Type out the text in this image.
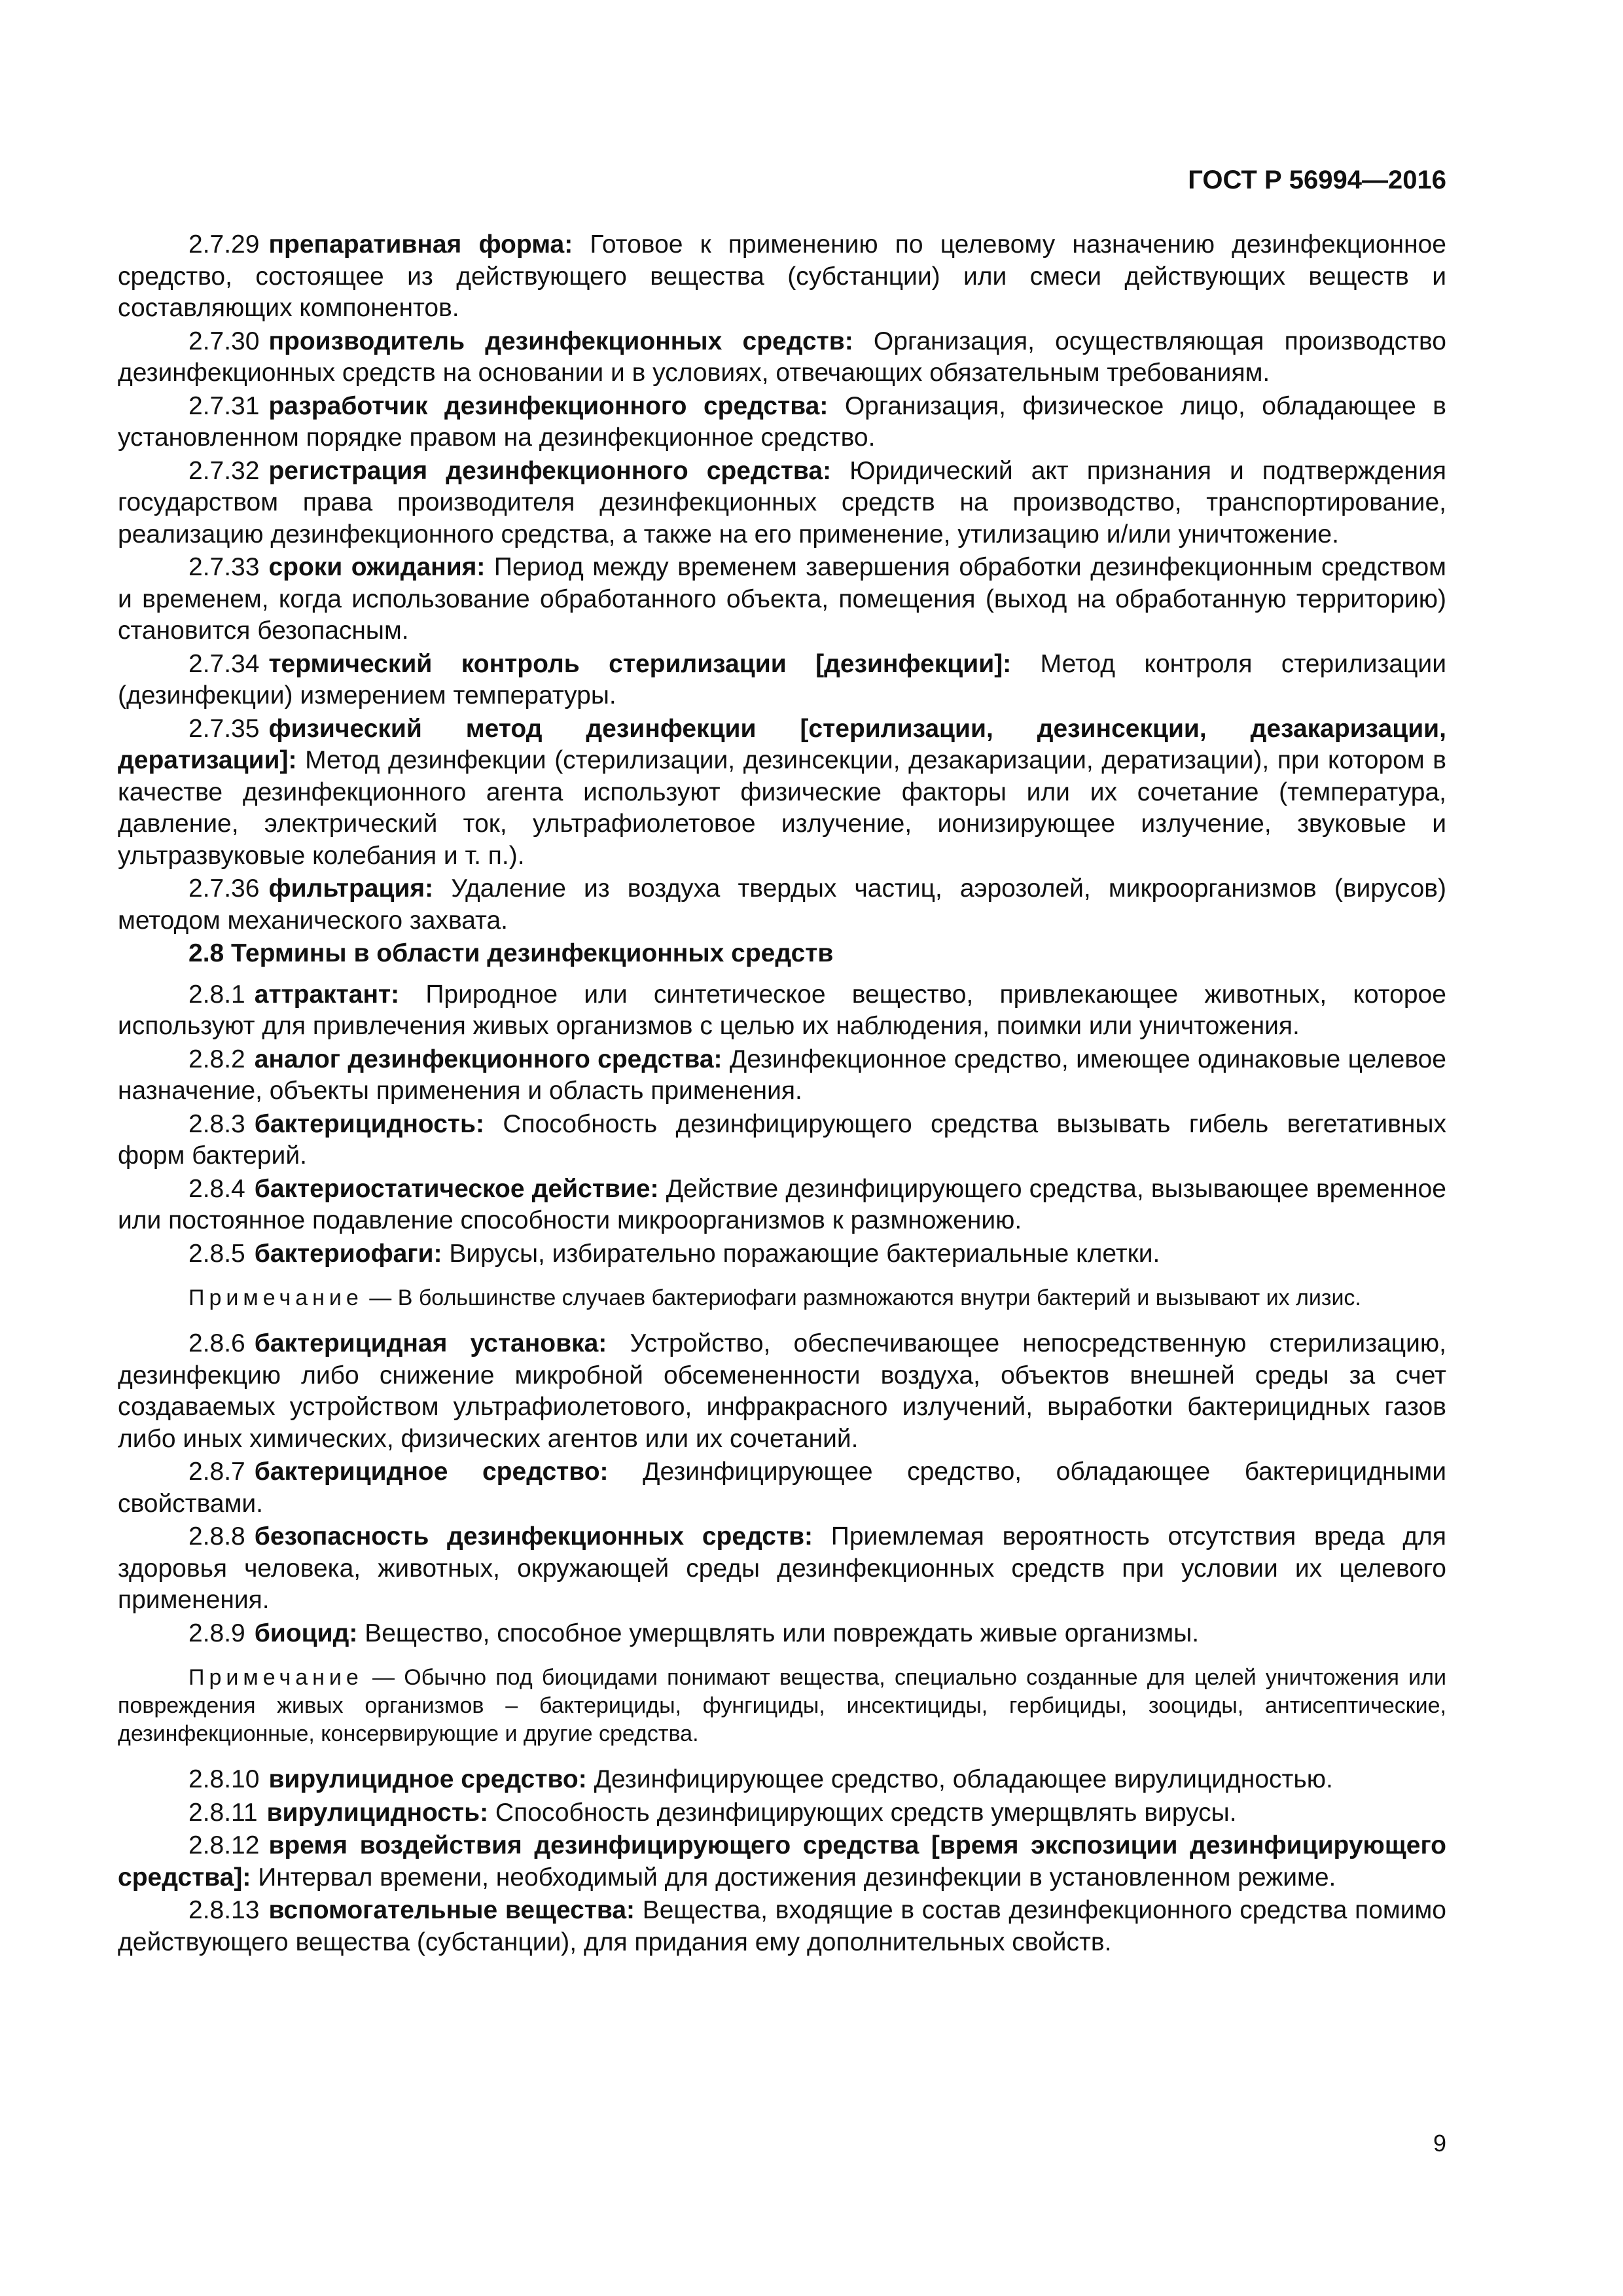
ГОСТ Р 56994—2016

2.7.29 препаративная форма: Готовое к применению по целевому назначению дезинфекционное средство, состоящее из действующего вещества (субстанции) или смеси действующих веществ и составляющих компонентов.

2.7.30 производитель дезинфекционных средств: Организация, осуществляющая производство дезинфекционных средств на основании и в условиях, отвечающих обязательным требованиям.

2.7.31 разработчик дезинфекционного средства: Организация, физическое лицо, обладающее в установленном порядке правом на дезинфекционное средство.

2.7.32 регистрация дезинфекционного средства: Юридический акт признания и подтверждения государством права производителя дезинфекционных средств на производство, транспортирование, реализацию дезинфекционного средства, а также на его применение, утилизацию и/или уничтожение.

2.7.33 сроки ожидания: Период между временем завершения обработки дезинфекционным средством и временем, когда использование обработанного объекта, помещения (выход на обработанную территорию) становится безопасным.

2.7.34 термический контроль стерилизации [дезинфекции]: Метод контроля стерилизации (дезинфекции) измерением температуры.

2.7.35 физический метод дезинфекции [стерилизации, дезинсекции, дезакаризации, дератизации]: Метод дезинфекции (стерилизации, дезинсекции, дезакаризации, дератизации), при котором в качестве дезинфекционного агента используют физические факторы или их сочетание (температура, давление, электрический ток, ультрафиолетовое излучение, ионизирующее излучение, звуковые и ультразвуковые колебания и т. п.).

2.7.36 фильтрация: Удаление из воздуха твердых частиц, аэрозолей, микроорганизмов (вирусов) методом механического захвата.

2.8 Термины в области дезинфекционных средств

2.8.1 аттрактант: Природное или синтетическое вещество, привлекающее животных, которое используют для привлечения живых организмов с целью их наблюдения, поимки или уничтожения.

2.8.2 аналог дезинфекционного средства: Дезинфекционное средство, имеющее одинаковые целевое назначение, объекты применения и область применения.

2.8.3 бактерицидность: Способность дезинфицирующего средства вызывать гибель вегетативных форм бактерий.

2.8.4 бактериостатическое действие: Действие дезинфицирующего средства, вызывающее временное или постоянное подавление способности микроорганизмов к размножению.

2.8.5 бактериофаги: Вирусы, избирательно поражающие бактериальные клетки.

Примечание — В большинстве случаев бактериофаги размножаются внутри бактерий и вызывают их лизис.

2.8.6 бактерицидная установка: Устройство, обеспечивающее непосредственную стерилизацию, дезинфекцию либо снижение микробной обсемененности воздуха, объектов внешней среды за счет создаваемых устройством ультрафиолетового, инфракрасного излучений, выработки бактерицидных газов либо иных химических, физических агентов или их сочетаний.

2.8.7 бактерицидное средство: Дезинфицирующее средство, обладающее бактерицидными свойствами.

2.8.8 безопасность дезинфекционных средств: Приемлемая вероятность отсутствия вреда для здоровья человека, животных, окружающей среды дезинфекционных средств при условии их целевого применения.

2.8.9 биоцид: Вещество, способное умерщвлять или повреждать живые организмы.

Примечание — Обычно под биоцидами понимают вещества, специально созданные для целей уничтожения или повреждения живых организмов – бактерициды, фунгициды, инсектициды, гербициды, зооциды, антисептические, дезинфекционные, консервирующие и другие средства.

2.8.10 вирулицидное средство: Дезинфицирующее средство, обладающее вирулицидностью.

2.8.11 вирулицидность: Способность дезинфицирующих средств умерщвлять вирусы.

2.8.12 время воздействия дезинфицирующего средства [время экспозиции дезинфицирующего средства]: Интервал времени, необходимый для достижения дезинфекции в установленном режиме.

2.8.13 вспомогательные вещества: Вещества, входящие в состав дезинфекционного средства помимо действующего вещества (субстанции), для придания ему дополнительных свойств.

9
